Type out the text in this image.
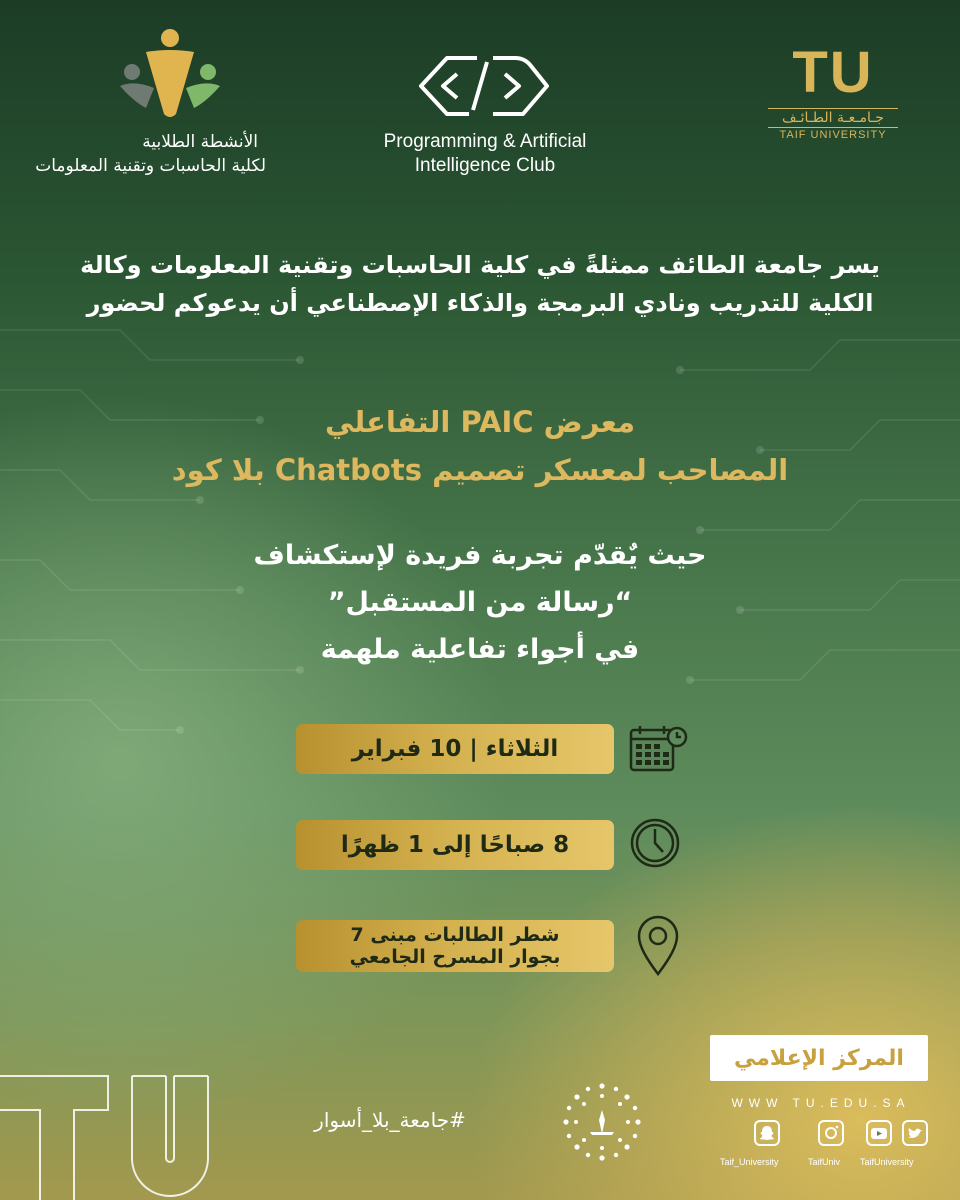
الأنشطة الطلابية
لكلية الحاسبات وتقنية المعلومات
Programming & Artificial
Intelligence Club
TU
جـامـعـة الطـائـف
TAIF UNIVERSITY
يسر جامعة الطائف ممثلةً في كلية الحاسبات وتقنية المعلومات وكالة
الكلية للتدريب ونادي البرمجة والذكاء الإصطناعي أن يدعوكم لحضور
معرض PAIC التفاعلي
المصاحب لمعسكر تصميم Chatbots بلا كود
حيث يٌقدّم تجربة فريدة لإستكشاف
“رسالة من المستقبل”
في أجواء تفاعلية ملهمة
الثلاثاء | 10 فبراير
8 صباحًا إلى 1 ظهرًا
شطر الطالبات مبنى 7
بجوار المسرح الجامعي
#جامعة_بلا_أسوار
المركز الإعلامي
WWW TU.EDU.SA
Taif_University	TaifUniv TaifUniversity
